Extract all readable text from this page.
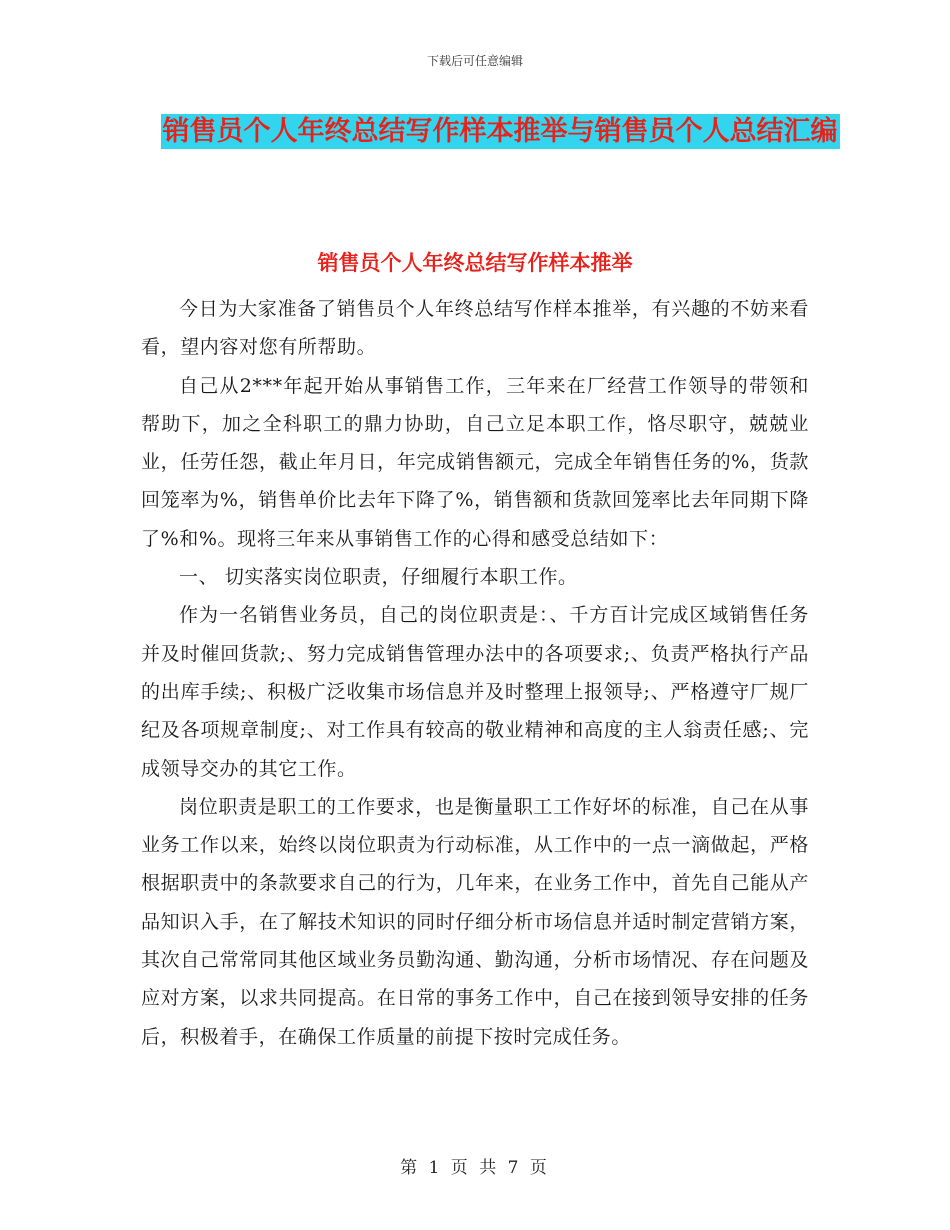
下载后可任意编辑
销售员个人年终总结写作样本推举与销售员个人总结汇编
销售员个人年终总结写作样本推举

今日为大家准备了销售员个人年终总结写作样本推举，有兴趣的不妨来看看，望内容对您有所帮助。

自己从2***年起开始从事销售工作，三年来在厂经营工作领导的带领和帮助下，加之全科职工的鼎力协助，自己立足本职工作，恪尽职守，兢兢业业，任劳任怨，截止年月日，年完成销售额元，完成全年销售任务的%，货款回笼率为%，销售单价比去年下降了%，销售额和货款回笼率比去年同期下降了%和%。现将三年来从事销售工作的心得和感受总结如下：

一、 切实落实岗位职责，仔细履行本职工作。

作为一名销售业务员，自己的岗位职责是：、千方百计完成区域销售任务并及时催回货款;、努力完成销售管理办法中的各项要求;、负责严格执行产品的出库手续;、积极广泛收集市场信息并及时整理上报领导;、严格遵守厂规厂纪及各项规章制度;、对工作具有较高的敬业精神和高度的主人翁责任感;、完成领导交办的其它工作。

岗位职责是职工的工作要求，也是衡量职工工作好坏的标准，自己在从事业务工作以来，始终以岗位职责为行动标准，从工作中的一点一滴做起，严格根据职责中的条款要求自己的行为，几年来，在业务工作中，首先自己能从产品知识入手，在了解技术知识的同时仔细分析市场信息并适时制定营销方案，其次自己常常同其他区域业务员勤沟通、勤沟通，分析市场情况、存在问题及应对方案，以求共同提高。在日常的事务工作中，自己在接到领导安排的任务后，积极着手，在确保工作质量的前提下按时完成任务。

第 1 页 共 7 页
